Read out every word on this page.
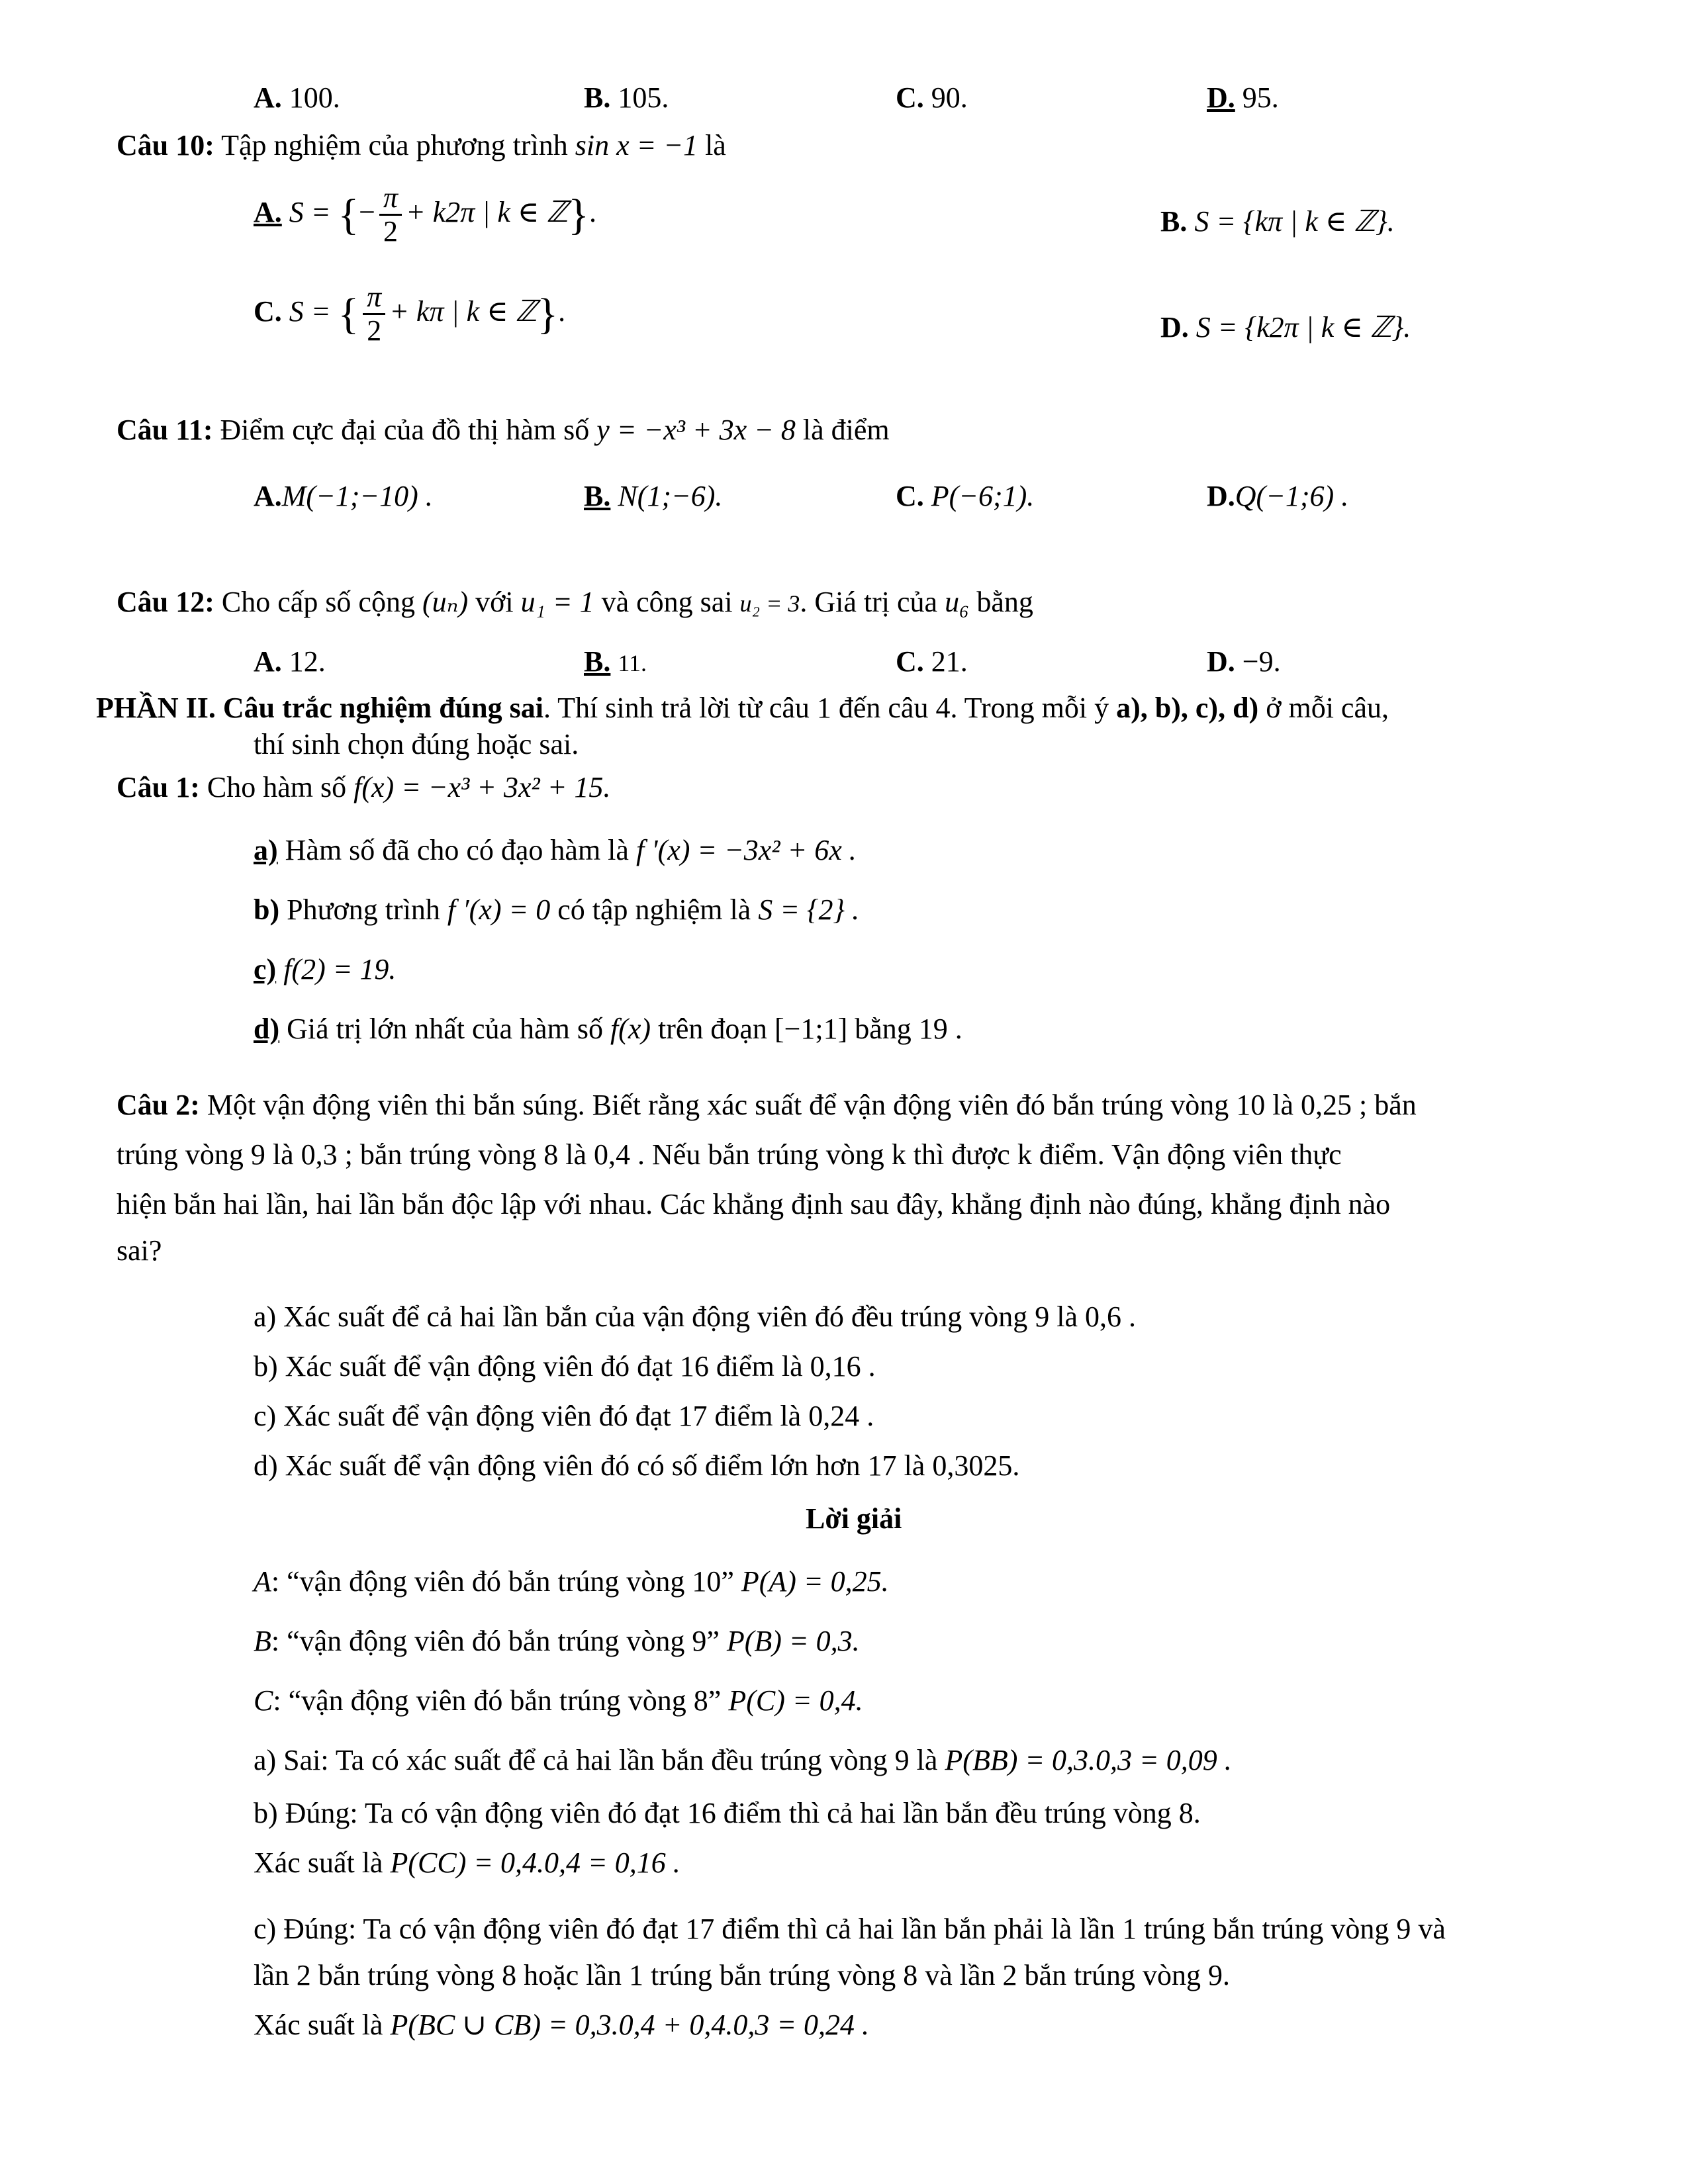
A. 100.	B. 105.	C. 90.	D. 95.
Câu 10: Tập nghiệm của phương trình sin x = −1 là
A. S = {− $\frac{\pi}{2} + k2\pi$ | k ∈ ℤ}.	B. S = {kπ | k ∈ ℤ}.
C. S = { $\frac{\pi}{2} + k\pi$ | k ∈ ℤ}.	D. S = {k2π | k ∈ ℤ}.
Câu 11: Điểm cực đại của đồ thị hàm số y = −x³ + 3x − 8 là điểm
A.M(−1;−10) .	B. N(1;−6).	C. P(−6;1).	D.Q(−1;6) .
Câu 12: Cho cấp số cộng (uₙ) với u₁ = 1 và công sai u₂ = 3. Giá trị của u₆ bằng
A. 12.	B. 11.	C. 21.	D. −9.
PHẦN II. Câu trắc nghiệm đúng sai. Thí sinh trả lời từ câu 1 đến câu 4. Trong mỗi ý a), b), c), d) ở mỗi câu,
thí sinh chọn đúng hoặc sai.
Câu 1: Cho hàm số f(x) = −x³ + 3x² + 15.
a) Hàm số đã cho có đạo hàm là f '(x) = −3x² + 6x .
b) Phương trình f ′(x) = 0 có tập nghiệm là S = {2} .
c) f(2) = 19.
d) Giá trị lớn nhất của hàm số f(x) trên đoạn [−1;1] bằng 19 .
Câu 2: Một vận động viên thi bắn súng. Biết rằng xác suất để vận động viên đó bắn trúng vòng 10 là 0,25 ; bắn
trúng vòng 9 là 0,3 ; bắn trúng vòng 8 là 0,4 . Nếu bắn trúng vòng k thì được k điểm. Vận động viên thực
hiện bắn hai lần, hai lần bắn độc lập với nhau. Các khẳng định sau đây, khẳng định nào đúng, khẳng định nào
sai?
a) Xác suất để cả hai lần bắn của vận động viên đó đều trúng vòng 9 là 0,6 .
b) Xác suất để vận động viên đó đạt 16 điểm là 0,16 .
c) Xác suất để vận động viên đó đạt 17 điểm là 0,24 .
d) Xác suất để vận động viên đó có số điểm lớn hơn 17 là 0,3025.
Lời giải
A: “vận động viên đó bắn trúng vòng 10” P(A) = 0,25.
B: “vận động viên đó bắn trúng vòng 9” P(B) = 0,3.
C: “vận động viên đó bắn trúng vòng 8” P(C) = 0,4.
a) Sai: Ta có xác suất để cả hai lần bắn đều trúng vòng 9 là P(BB) = 0,3.0,3 = 0,09 .
b) Đúng: Ta có vận động viên đó đạt 16 điểm thì cả hai lần bắn đều trúng vòng 8.
Xác suất là P(CC) = 0,4.0,4 = 0,16 .
c) Đúng: Ta có vận động viên đó đạt 17 điểm thì cả hai lần bắn phải là lần 1 trúng bắn trúng vòng 9 và
lần 2 bắn trúng vòng 8 hoặc lần 1 trúng bắn trúng vòng 8 và lần 2 bắn trúng vòng 9.
Xác suất là P(BC ∪ CB) = 0,3.0,4 + 0,4.0,3 = 0,24 .
